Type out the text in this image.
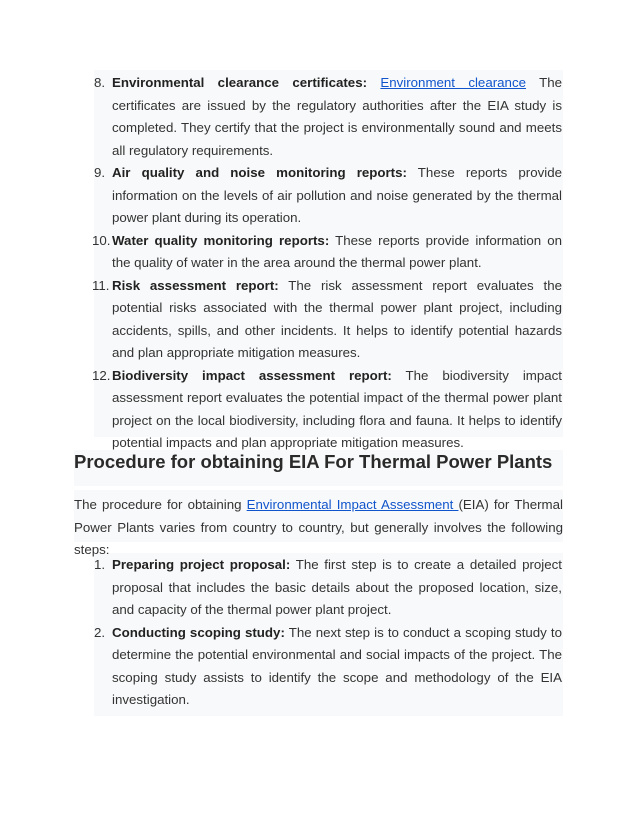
8. Environmental clearance certificates: Environment clearance The certificates are issued by the regulatory authorities after the EIA study is completed. They certify that the project is environmentally sound and meets all regulatory requirements.
9. Air quality and noise monitoring reports: These reports provide information on the levels of air pollution and noise generated by the thermal power plant during its operation.
10. Water quality monitoring reports: These reports provide information on the quality of water in the area around the thermal power plant.
11. Risk assessment report: The risk assessment report evaluates the potential risks associated with the thermal power plant project, including accidents, spills, and other incidents. It helps to identify potential hazards and plan appropriate mitigation measures.
12. Biodiversity impact assessment report: The biodiversity impact assessment report evaluates the potential impact of the thermal power plant project on the local biodiversity, including flora and fauna. It helps to identify potential impacts and plan appropriate mitigation measures.
Procedure for obtaining EIA For Thermal Power Plants

The procedure for obtaining Environmental Impact Assessment (EIA) for Thermal Power Plants varies from country to country, but generally involves the following steps:

1. Preparing project proposal: The first step is to create a detailed project proposal that includes the basic details about the proposed location, size, and capacity of the thermal power plant project.
2. Conducting scoping study: The next step is to conduct a scoping study to determine the potential environmental and social impacts of the project. The scoping study assists to identify the scope and methodology of the EIA investigation.
